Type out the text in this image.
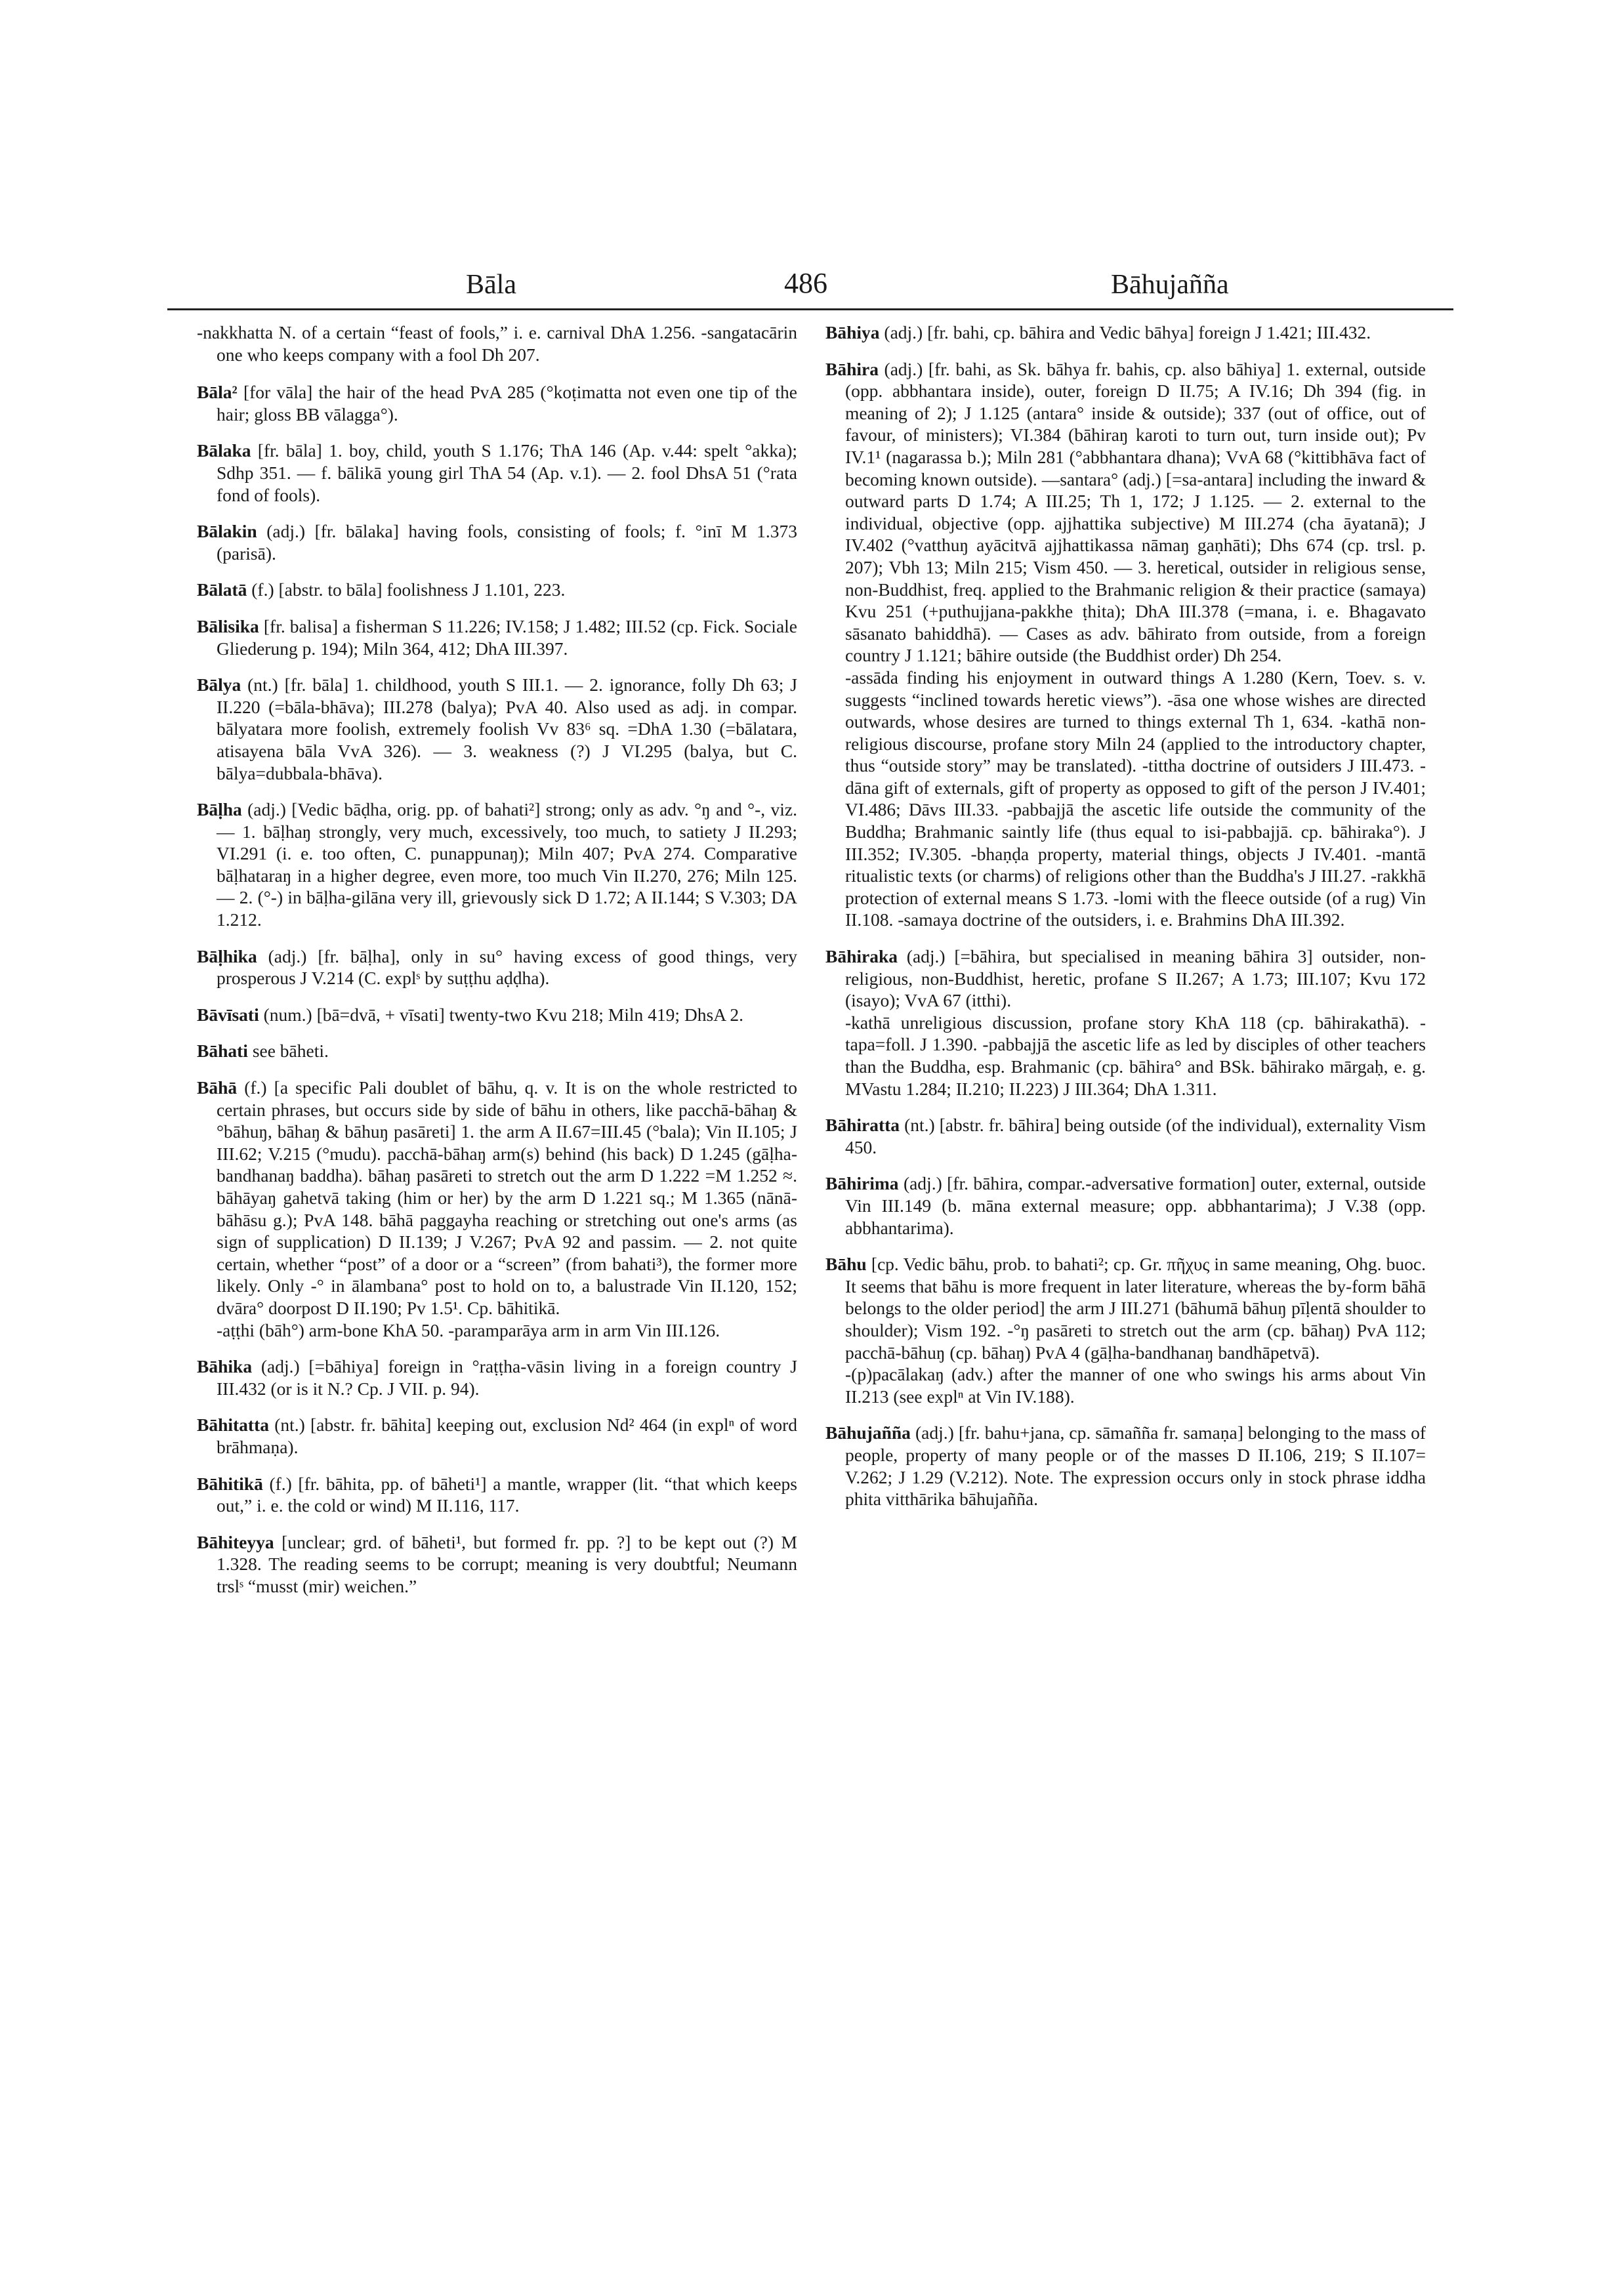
Bāla	486	Bāhujañña

-nakkhatta N. of a certain “feast of fools,” i. e. carnival DhA 1.256. -sangatacārin one who keeps company with a fool Dh 207.

Bāla² [for vāla] the hair of the head PvA 285 (°koṭimatta not even one tip of the hair; gloss BB vālagga°).

Bālaka [fr. bāla] 1. boy, child, youth S 1.176; ThA 146 (Ap. v.44: spelt °akka); Sdhp 351. — f. bālikā young girl ThA 54 (Ap. v.1). — 2. fool DhsA 51 (°rata fond of fools).

Bālakin (adj.) [fr. bālaka] having fools, consisting of fools; f. °inī M 1.373 (parisā).

Bālatā (f.) [abstr. to bāla] foolishness J 1.101, 223.

Bālisika [fr. balisa] a fisherman S 11.226; IV.158; J 1.482; III.52 (cp. Fick. Sociale Gliederung p. 194); Miln 364, 412; DhA III.397.

Bālya (nt.) [fr. bāla] 1. childhood, youth S III.1. — 2. ignorance, folly Dh 63; J II.220 (=bāla-bhāva); III.278 (balya); PvA 40. Also used as adj. in compar. bālyatara more foolish, extremely foolish Vv 83⁶ sq. =DhA 1.30 (=bālatara, atisayena bāla VvA 326). — 3. weakness (?) J VI.295 (balya, but C. bālya=dubbala-bhāva).

Bāḷha (adj.) [Vedic bāḍha, orig. pp. of bahati²] strong; only as adv. °ŋ and °-, viz. — 1. bāḷhaŋ strongly, very much, excessively, too much, to satiety J II.293; VI.291 (i. e. too often, C. punappunaŋ); Miln 407; PvA 274. Comparative bāḷhataraŋ in a higher degree, even more, too much Vin II.270, 276; Miln 125. — 2. (°-) in bāḷha-gilāna very ill, grievously sick D 1.72; A II.144; S V.303; DA 1.212.

Bāḷhika (adj.) [fr. bāḷha], only in su° having excess of good things, very prosperous J V.214 (C. explˢ by suṭṭhu aḍḍha).

Bāvīsati (num.) [bā=dvā, + vīsati] twenty-two Kvu 218; Miln 419; DhsA 2.

Bāhati see bāheti.

Bāhā (f.) [a specific Pali doublet of bāhu, q. v. It is on the whole restricted to certain phrases, but occurs side by side of bāhu in others, like pacchā-bāhaŋ & °bāhuŋ, bāhaŋ & bāhuŋ pasāreti] 1. the arm A II.67=III.45 (°bala); Vin II.105; J III.62; V.215 (°mudu). pacchā-bāhaŋ arm(s) behind (his back) D 1.245 (gāḷha-bandhanaŋ baddha). bāhaŋ pasāreti to stretch out the arm D 1.222 =M 1.252 ≈. bāhāyaŋ gahetvā taking (him or her) by the arm D 1.221 sq.; M 1.365 (nānā-bāhāsu g.); PvA 148. bāhā paggayha reaching or stretching out one's arms (as sign of supplication) D II.139; J V.267; PvA 92 and passim. — 2. not quite certain, whether “post” of a door or a “screen” (from bahati³), the former more likely. Only -° in ālambana° post to hold on to, a balustrade Vin II.120, 152; dvāra° doorpost D II.190; Pv 1.5¹. Cp. bāhitikā.
-aṭṭhi (bāh°) arm-bone KhA 50. -paramparāya arm in arm Vin III.126.

Bāhika (adj.) [=bāhiya] foreign in °raṭṭha-vāsin living in a foreign country J III.432 (or is it N.? Cp. J VII. p. 94).

Bāhitatta (nt.) [abstr. fr. bāhita] keeping out, exclusion Nd² 464 (in explⁿ of word brāhmaṇa).

Bāhitikā (f.) [fr. bāhita, pp. of bāheti¹] a mantle, wrapper (lit. “that which keeps out,” i. e. the cold or wind) M II.116, 117.

Bāhiteyya [unclear; grd. of bāheti¹, but formed fr. pp. ?] to be kept out (?) M 1.328. The reading seems to be corrupt; meaning is very doubtful; Neumann trslˢ “musst (mir) weichen.”

Bāhiya (adj.) [fr. bahi, cp. bāhira and Vedic bāhya] foreign J 1.421; III.432.

Bāhira (adj.) [fr. bahi, as Sk. bāhya fr. bahis, cp. also bāhiya] 1. external, outside (opp. abbhantara inside), outer, foreign D II.75; A IV.16; Dh 394 (fig. in meaning of 2); J 1.125 (antara° inside & outside); 337 (out of office, out of favour, of ministers); VI.384 (bāhiraŋ karoti to turn out, turn inside out); Pv IV.1¹ (nagarassa b.); Miln 281 (°abbhantara dhana); VvA 68 (°kittibhāva fact of becoming known outside). —santara° (adj.) [=sa-antara] including the inward & outward parts D 1.74; A III.25; Th 1, 172; J 1.125. — 2. external to the individual, objective (opp. ajjhattika subjective) M III.274 (cha āyatanā); J IV.402 (°vatthuŋ ayācitvā ajjhattikassa nāmaŋ gaṇhāti); Dhs 674 (cp. trsl. p. 207); Vbh 13; Miln 215; Vism 450. — 3. heretical, outsider in religious sense, non-Buddhist, freq. applied to the Brahmanic religion & their practice (samaya) Kvu 251 (+puthujjana-pakkhe ṭhita); DhA III.378 (=mana, i. e. Bhagavato sāsanato bahiddhā). — Cases as adv. bāhirato from outside, from a foreign country J 1.121; bāhire outside (the Buddhist order) Dh 254.
-assāda finding his enjoyment in outward things A 1.280 (Kern, Toev. s. v. suggests “inclined towards heretic views”). -āsa one whose wishes are directed outwards, whose desires are turned to things external Th 1, 634. -kathā non-religious discourse, profane story Miln 24 (applied to the introductory chapter, thus “outside story” may be translated). -tittha doctrine of outsiders J III.473. -dāna gift of externals, gift of property as opposed to gift of the person J IV.401; VI.486; Dāvs III.33. -pabbajjā the ascetic life outside the community of the Buddha; Brahmanic saintly life (thus equal to isi-pabbajjā. cp. bāhiraka°). J III.352; IV.305. -bhaṇḍa property, material things, objects J IV.401. -mantā ritualistic texts (or charms) of religions other than the Buddha's J III.27. -rakkhā protection of external means S 1.73. -lomi with the fleece outside (of a rug) Vin II.108. -samaya doctrine of the outsiders, i. e. Brahmins DhA III.392.

Bāhiraka (adj.) [=bāhira, but specialised in meaning bāhira 3] outsider, non-religious, non-Buddhist, heretic, profane S II.267; A 1.73; III.107; Kvu 172 (isayo); VvA 67 (itthi).
-kathā unreligious discussion, profane story KhA 118 (cp. bāhirakathā). -tapa=foll. J 1.390. -pabbajjā the ascetic life as led by disciples of other teachers than the Buddha, esp. Brahmanic (cp. bāhira° and BSk. bāhirako mārgaḥ, e. g. MVastu 1.284; II.210; II.223) J III.364; DhA 1.311.

Bāhiratta (nt.) [abstr. fr. bāhira] being outside (of the individual), externality Vism 450.

Bāhirima (adj.) [fr. bāhira, compar.-adversative formation] outer, external, outside Vin III.149 (b. māna external measure; opp. abbhantarima); J V.38 (opp. abbhantarima).

Bāhu [cp. Vedic bāhu, prob. to bahati²; cp. Gr. πῆχυς in same meaning, Ohg. buoc. It seems that bāhu is more frequent in later literature, whereas the by-form bāhā belongs to the older period] the arm J III.271 (bāhumā bāhuŋ pīḷentā shoulder to shoulder); Vism 192. -°ŋ pasāreti to stretch out the arm (cp. bāhaŋ) PvA 112; pacchā-bāhuŋ (cp. bāhaŋ) PvA 4 (gāḷha-bandhanaŋ bandhāpetvā).
-(p)pacālakaŋ (adv.) after the manner of one who swings his arms about Vin II.213 (see explⁿ at Vin IV.188).

Bāhujañña (adj.) [fr. bahu+jana, cp. sāmañña fr. samaṇa] belonging to the mass of people, property of many people or of the masses D II.106, 219; S II.107= V.262; J 1.29 (V.212). Note. The expression occurs only in stock phrase iddha phita vitthārika bāhujañña.
